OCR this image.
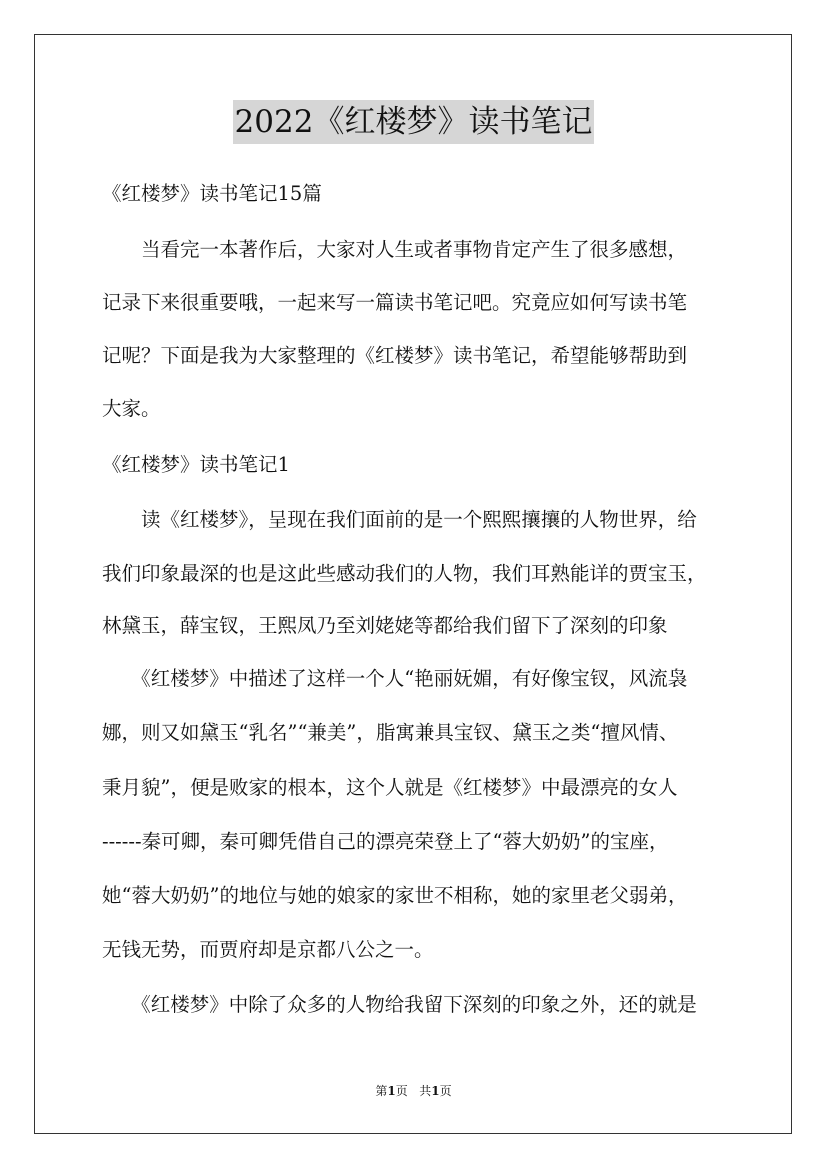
2022《红楼梦》读书笔记
《红楼梦》读书笔记15篇
　　当看完一本著作后，大家对人生或者事物肯定产生了很多感想，
记录下来很重要哦，一起来写一篇读书笔记吧。究竟应如何写读书笔
记呢？下面是我为大家整理的《红楼梦》读书笔记，希望能够帮助到
大家。
《红楼梦》读书笔记1
　　读《红楼梦》，呈现在我们面前的是一个熙熙攘攘的人物世界，给
我们印象最深的也是这此些感动我们的人物，我们耳熟能详的贾宝玉，
林黛玉，薛宝钗，王熙凤乃至刘姥姥等都给我们留下了深刻的印象
　　《红楼梦》中描述了这样一个人“艳丽妩媚，有好像宝钗，风流袅
娜，则又如黛玉“乳名”“兼美”，脂寓兼具宝钗、黛玉之类“擅风情、
秉月貌”，便是败家的根本，这个人就是《红楼梦》中最漂亮的女人
------秦可卿，秦可卿凭借自己的漂亮荣登上了“蓉大奶奶”的宝座，
她“蓉大奶奶”的地位与她的娘家的家世不相称，她的家里老父弱弟，
无钱无势，而贾府却是京都八公之一。
　　《红楼梦》中除了众多的人物给我留下深刻的印象之外，还的就是
第1页 共1页
